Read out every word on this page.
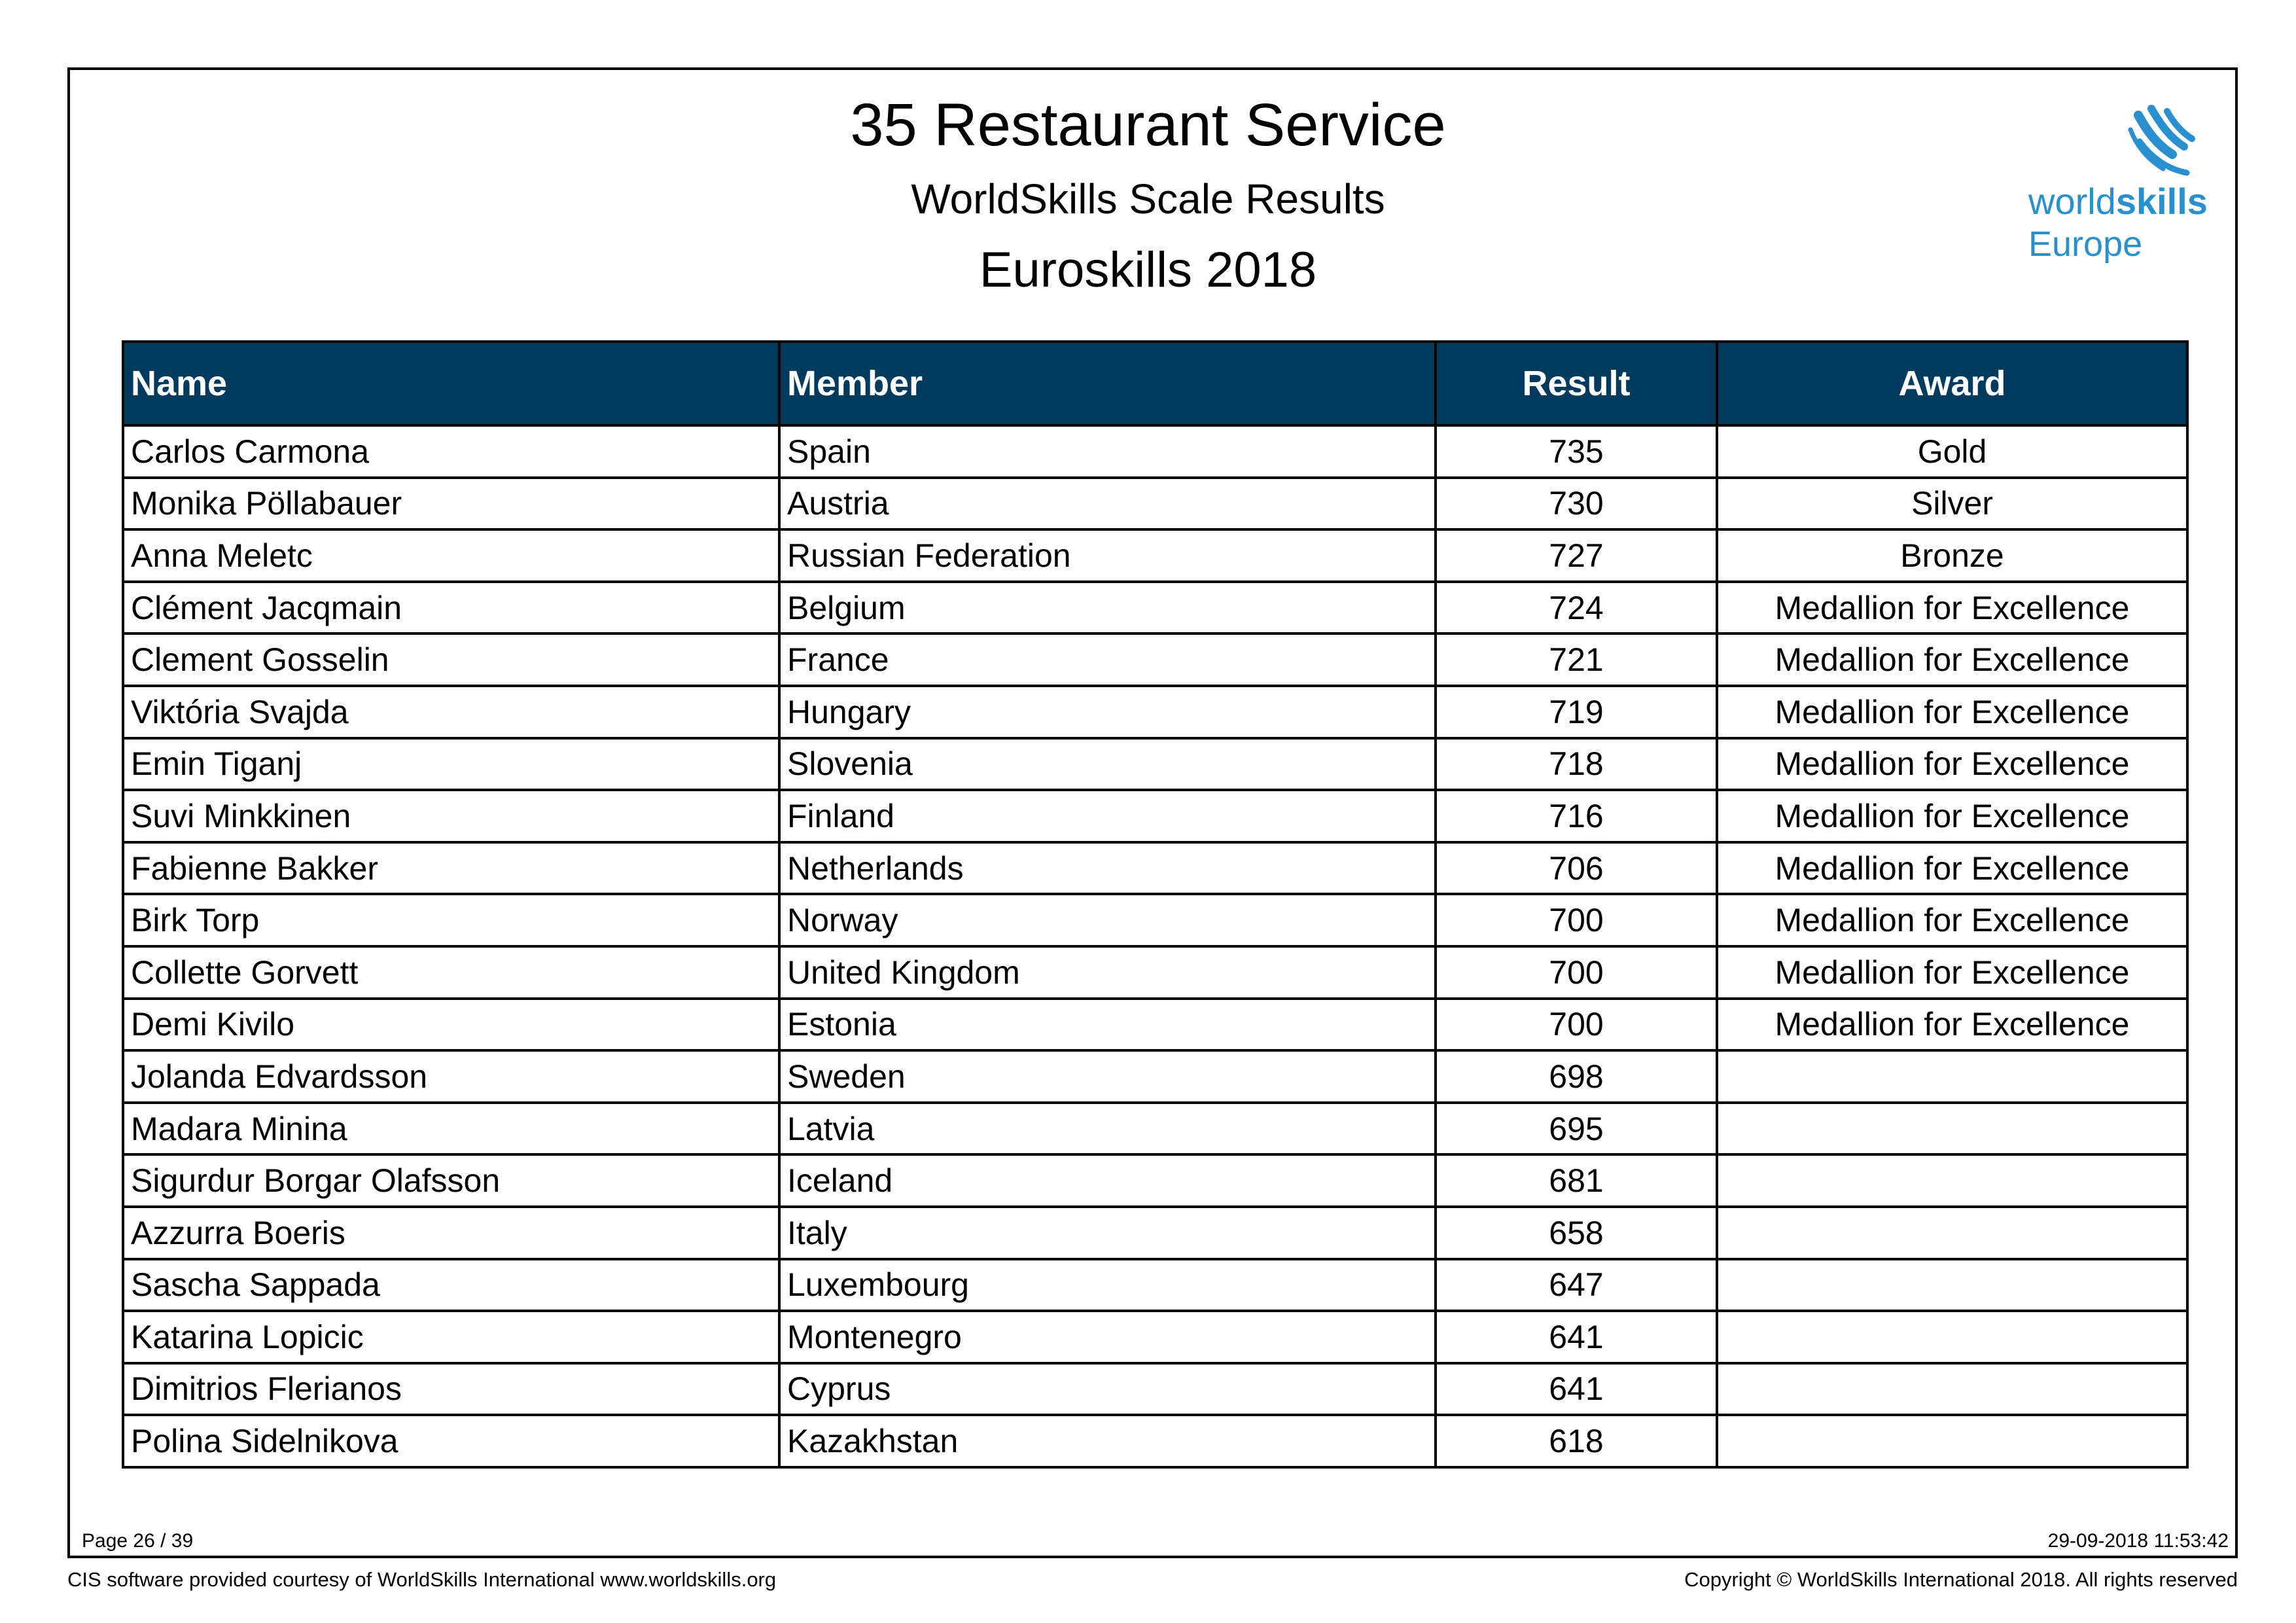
35 Restaurant Service
WorldSkills Scale Results
Euroskills 2018
worldskills
Europe
Name	Member	Result	Award
Carlos Carmona	Spain	735	Gold
Monika Pöllabauer	Austria	730	Silver
Anna Meletc	Russian Federation	727	Bronze
Clément Jacqmain	Belgium	724	Medallion for Excellence
Clement Gosselin	France	721	Medallion for Excellence
Viktória Svajda	Hungary	719	Medallion for Excellence
Emin Tiganj	Slovenia	718	Medallion for Excellence
Suvi Minkkinen	Finland	716	Medallion for Excellence
Fabienne Bakker	Netherlands	706	Medallion for Excellence
Birk Torp	Norway	700	Medallion for Excellence
Collette Gorvett	United Kingdom	700	Medallion for Excellence
Demi Kivilo	Estonia	700	Medallion for Excellence
Jolanda Edvardsson	Sweden	698	
Madara Minina	Latvia	695	
Sigurdur Borgar Olafsson	Iceland	681	
Azzurra Boeris	Italy	658	
Sascha Sappada	Luxembourg	647	
Katarina Lopicic	Montenegro	641	
Dimitrios Flerianos	Cyprus	641	
Polina Sidelnikova	Kazakhstan	618	
Page 26 / 39	29-09-2018 11:53:42
CIS software provided courtesy of WorldSkills International www.worldskills.org	Copyright © WorldSkills International 2018. All rights reserved
